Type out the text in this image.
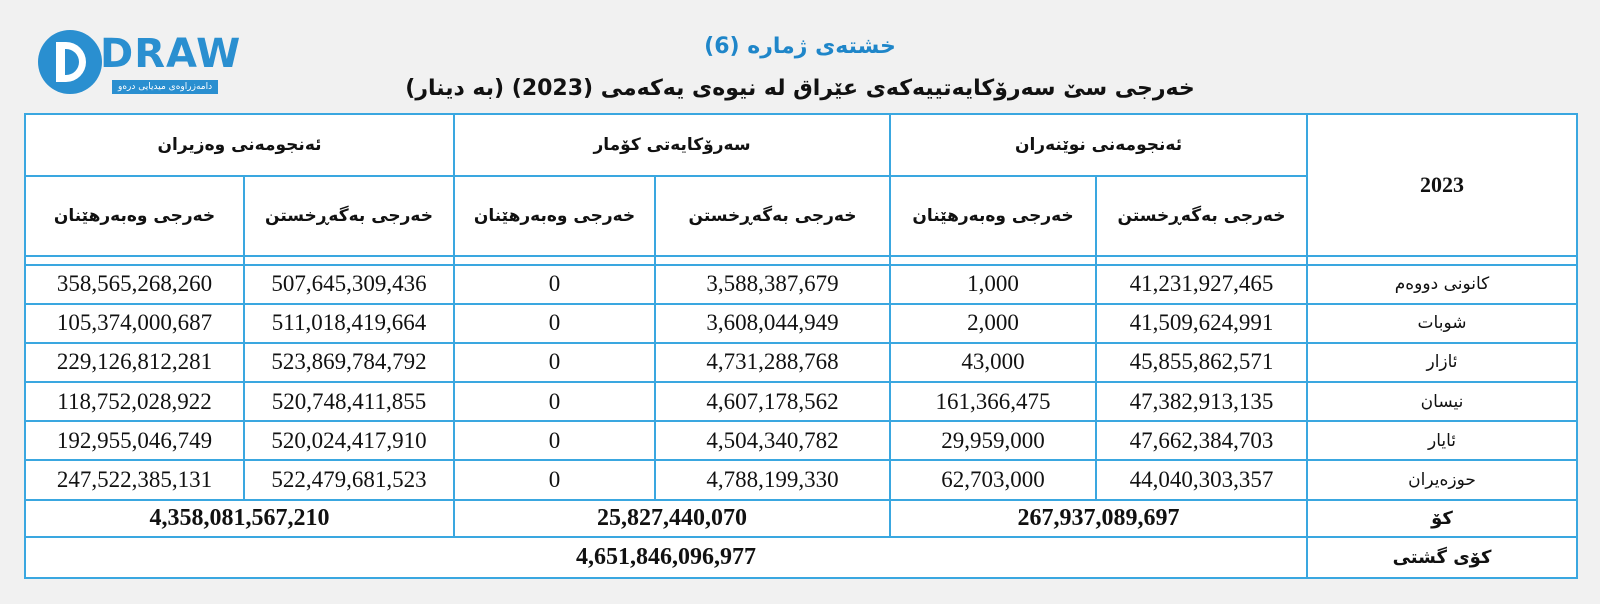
DRAW
دامەزراوەی میدیایی درەو
خشتەی ژمارە (6)
خەرجی سێ سەرۆکایەتییەکەی عێراق لە نیوەی یەکەمی (2023) (بە دینار)
ئەنجومەنی وەزیران		سەرۆکایەتی کۆمار		ئەنجومەنی نوێنەران		2023
خەرجی وەبەرهێنان	خەرجی بەگەڕخستن	خەرجی وەبەرهێنان	خەرجی بەگەڕخستن	خەرجی وەبەرهێنان	خەرجی بەگەڕخستن	

358,565,268,260	507,645,309,436	0	3,588,387,679	1,000	41,231,927,465	کانونی دووەم
105,374,000,687	511,018,419,664	0	3,608,044,949	2,000	41,509,624,991	شوبات
229,126,812,281	523,869,784,792	0	4,731,288,768	43,000	45,855,862,571	ئازار
118,752,028,922	520,748,411,855	0	4,607,178,562	161,366,475	47,382,913,135	نیسان
192,955,046,749	520,024,417,910	0	4,504,340,782	29,959,000	47,662,384,703	ئایار
247,522,385,131	522,479,681,523	0	4,788,199,330	62,703,000	44,040,303,357	حوزەیران
4,358,081,567,210		25,827,440,070		267,937,089,697		کۆ
4,651,846,096,977						کۆی گشتی
